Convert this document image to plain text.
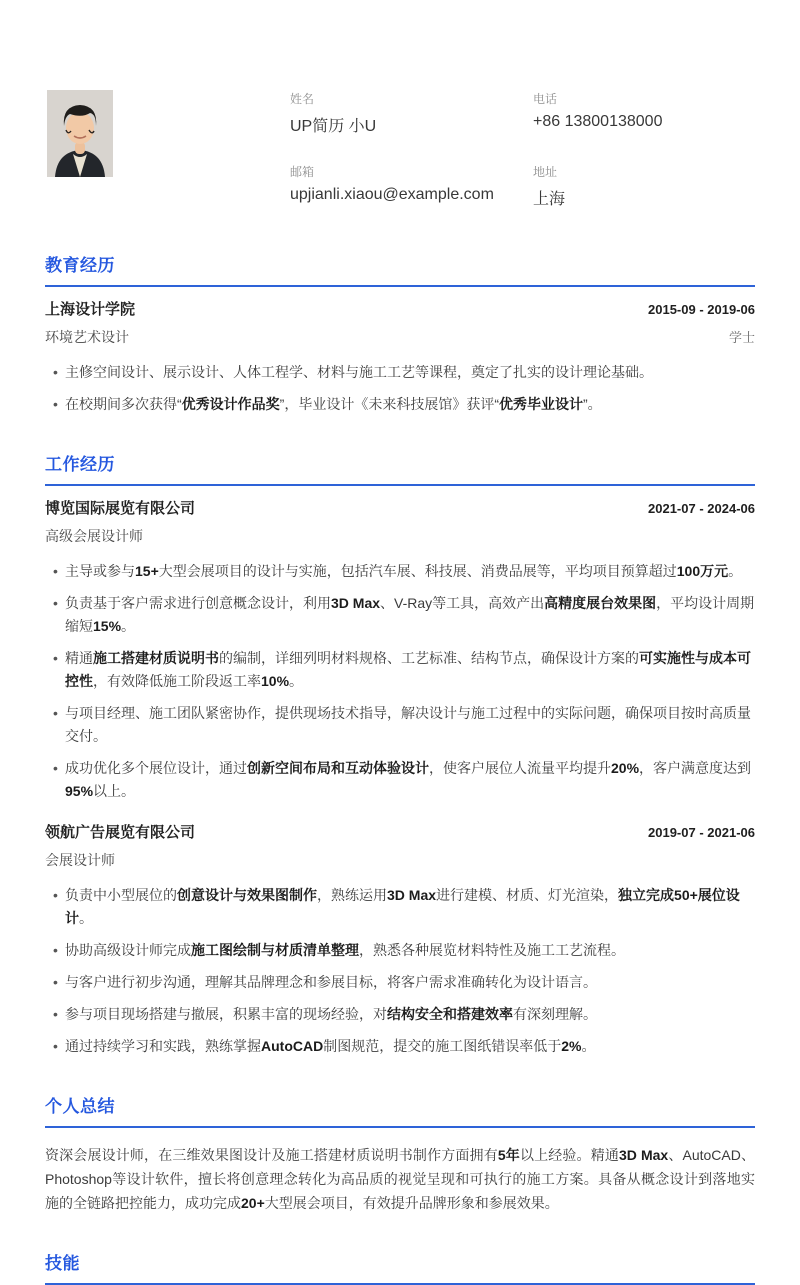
姓名
UP简历 小U
电话
+86 13800138000
邮箱
upjianli.xiaou@example.com
地址
上海
教育经历
上海设计学院	2015-09 - 2019-06
环境艺术设计	学士
• 主修空间设计、展示设计、人体工程学、材料与施工工艺等课程，奠定了扎实的设计理论基础。
• 在校期间多次获得“优秀设计作品奖”，毕业设计《未来科技展馆》获评“优秀毕业设计”。
工作经历
博览国际展览有限公司	2021-07 - 2024-06
高级会展设计师
• 主导或参与15+大型会展项目的设计与实施，包括汽车展、科技展、消费品展等，平均项目预算超过100万元。
• 负责基于客户需求进行创意概念设计，利用3D Max、V-Ray等工具，高效产出高精度展台效果图，平均设计周期缩短15%。
• 精通施工搭建材质说明书的编制，详细列明材料规格、工艺标准、结构节点，确保设计方案的可实施性与成本可控性，有效降低施工阶段返工率10%。
• 与项目经理、施工团队紧密协作，提供现场技术指导，解决设计与施工过程中的实际问题，确保项目按时高质量交付。
• 成功优化多个展位设计，通过创新空间布局和互动体验设计，使客户展位人流量平均提升20%，客户满意度达到95%以上。
领航广告展览有限公司	2019-07 - 2021-06
会展设计师
• 负责中小型展位的创意设计与效果图制作，熟练运用3D Max进行建模、材质、灯光渲染，独立完成50+展位设计。
• 协助高级设计师完成施工图绘制与材质清单整理，熟悉各种展览材料特性及施工工艺流程。
• 与客户进行初步沟通，理解其品牌理念和参展目标，将客户需求准确转化为设计语言。
• 参与项目现场搭建与撤展，积累丰富的现场经验，对结构安全和搭建效率有深刻理解。
• 通过持续学习和实践，熟练掌握AutoCAD制图规范，提交的施工图纸错误率低于2%。
个人总结
资深会展设计师，在三维效果图设计及施工搭建材质说明书制作方面拥有5年以上经验。精通3D Max、AutoCAD、Photoshop等设计软件，擅长将创意理念转化为高品质的视觉呈现和可执行的施工方案。具备从概念设计到落地实施的全链路把控能力，成功完成20+大型展会项目，有效提升品牌形象和参展效果。
技能
